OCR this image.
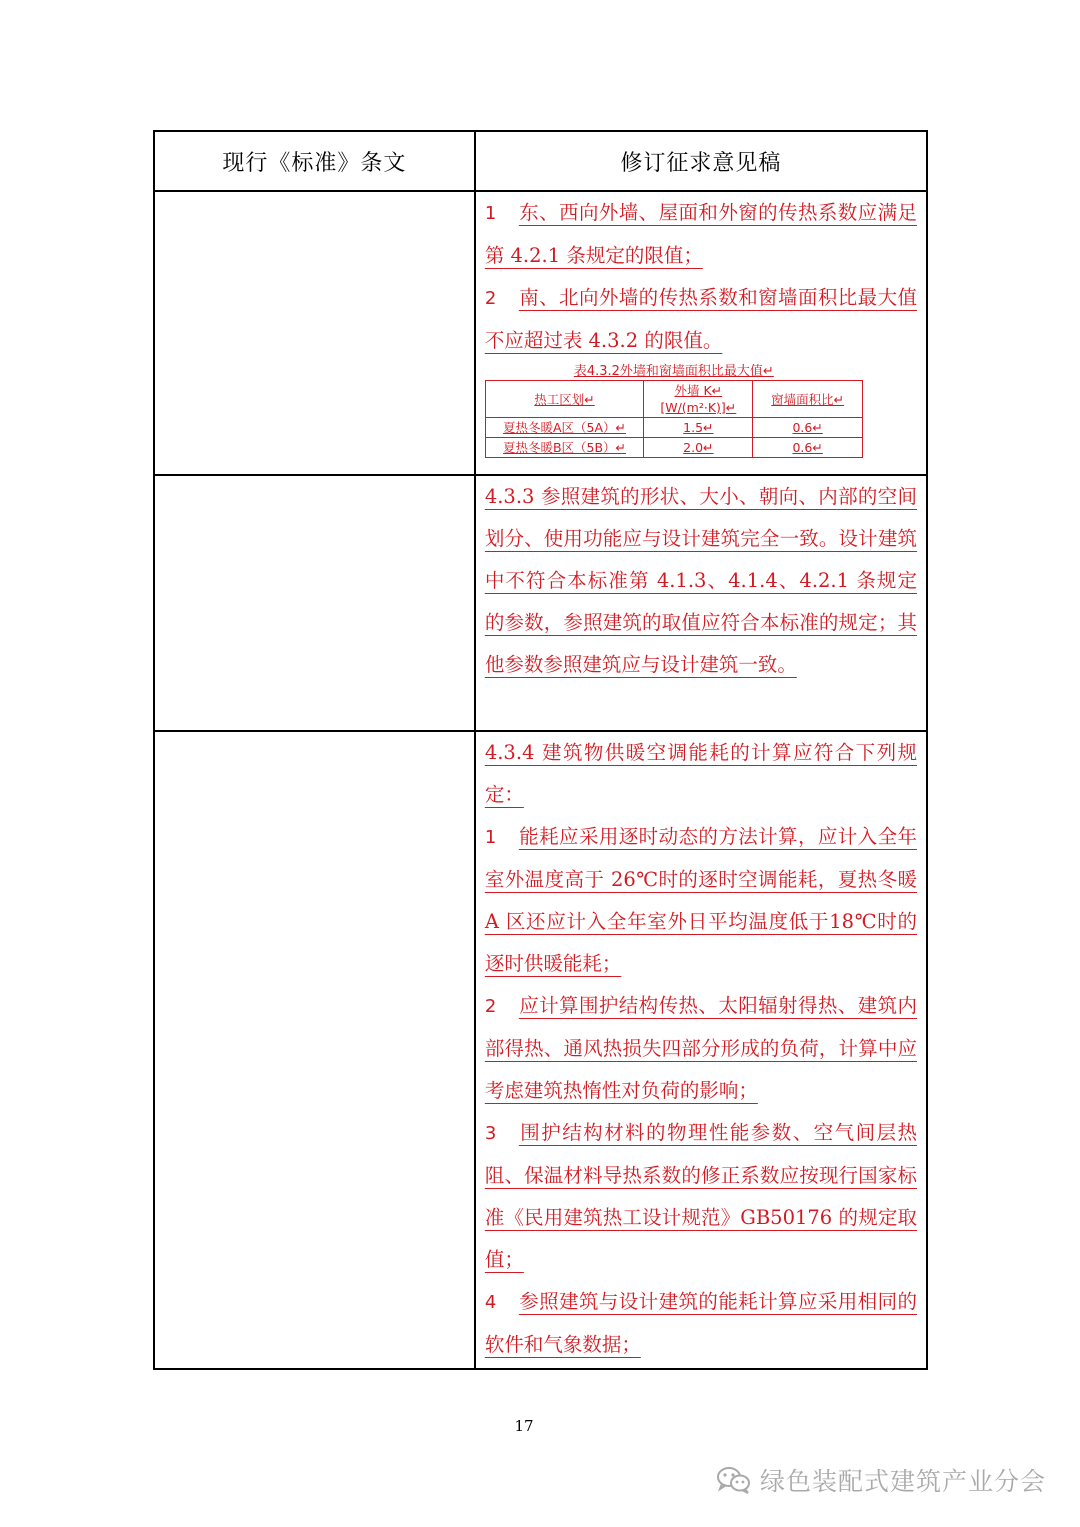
现行《标准》条文	修订征求意见稿

1 东、西向外墙、屋面和外窗的传热系数应满足第 4.2.1 条规定的限值；

2 南、北向外墙的传热系数和窗墙面积比最大值不应超过表 4.3.2 的限值。

表4.3.2外墙和窗墙面积比最大值↵
热工区划↵	外墙 K↵ [W/(m²·K)]↵	窗墙面积比↵
夏热冬暖A区（5A）↵	1.5↵	0.6↵
夏热冬暖B区（5B）↵	2.0↵	0.6↵

4.3.3 参照建筑的形状、大小、朝向、内部的空间划分、使用功能应与设计建筑完全一致。设计建筑中不符合本标准第 4.1.3、4.1.4、4.2.1 条规定的参数，参照建筑的取值应符合本标准的规定；其他参数参照建筑应与设计建筑一致。

4.3.4 建筑物供暖空调能耗的计算应符合下列规定：

1 能耗应采用逐时动态的方法计算，应计入全年室外温度高于 26℃时的逐时空调能耗，夏热冬暖 A 区还应计入全年室外日平均温度低于18℃时的逐时供暖能耗；

2 应计算围护结构传热、太阳辐射得热、建筑内部得热、通风热损失四部分形成的负荷，计算中应考虑建筑热惰性对负荷的影响；

3 围护结构材料的物理性能参数、空气间层热阻、保温材料导热系数的修正系数应按现行国家标准《民用建筑热工设计规范》GB50176 的规定取值；

4 参照建筑与设计建筑的能耗计算应采用相同的软件和气象数据；

17
绿色装配式建筑产业分会
